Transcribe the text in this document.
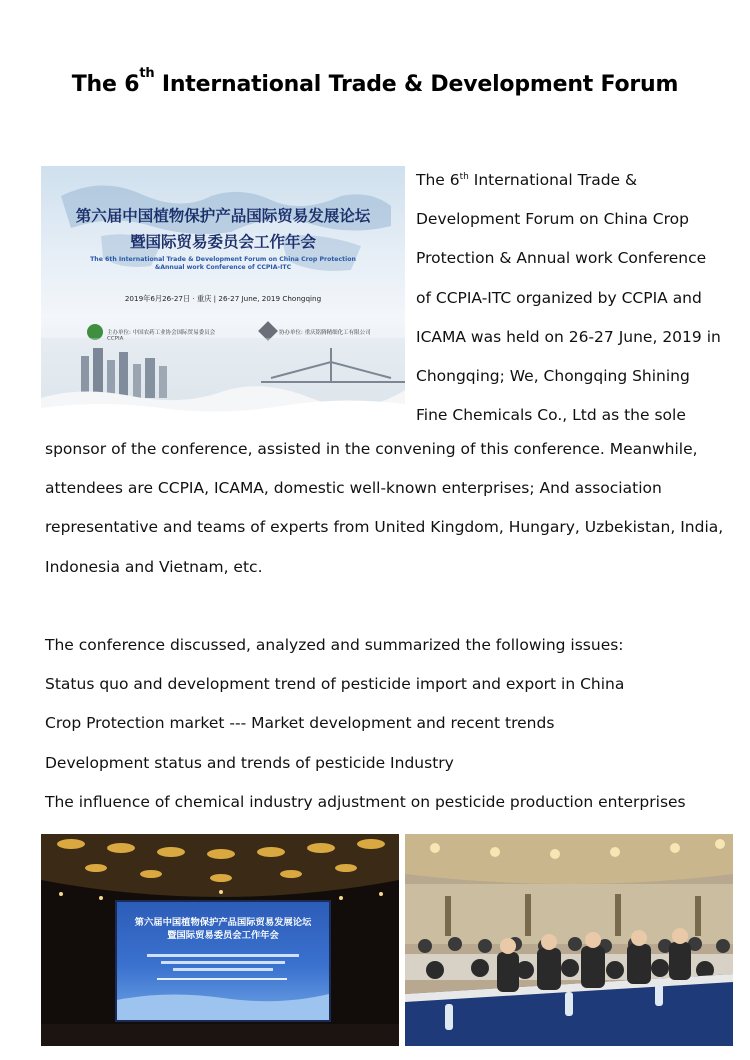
The 6th International Trade & Development Forum
第六届中国植物保护产品国际贸易发展论坛
暨国际贸易委员会工作年会
The 6th International Trade & Development Forum on China Crop Protection
&Annual work Conference of CCPIA-ITC
2019年6月26-27日 · 重庆 | 26-27 June, 2019 Chongqing
主办单位: 中国农药工业协会国际贸易委员会
CCPIA
协办单位: 重庆铭腾精细化工有限公司
The 6th International Trade &
Development Forum on China Crop
Protection & Annual work Conference
of CCPIA-ITC organized by CCPIA and
ICAMA was held on 26-27 June, 2019 in
Chongqing; We, Chongqing Shining
Fine Chemicals Co., Ltd as the sole
sponsor of the conference, assisted in the convening of this conference. Meanwhile,
attendees are CCPIA, ICAMA, domestic well-known enterprises; And association
representative and teams of experts from United Kingdom, Hungary, Uzbekistan, India,
Indonesia and Vietnam, etc.
The conference discussed, analyzed and summarized the following issues:
Status quo and development trend of pesticide import and export in China
Crop Protection market --- Market development and recent trends
Development status and trends of pesticide Industry
The influence of chemical industry adjustment on pesticide production enterprises
第六届中国植物保护产品国际贸易发展论坛
暨国际贸易委员会工作年会
